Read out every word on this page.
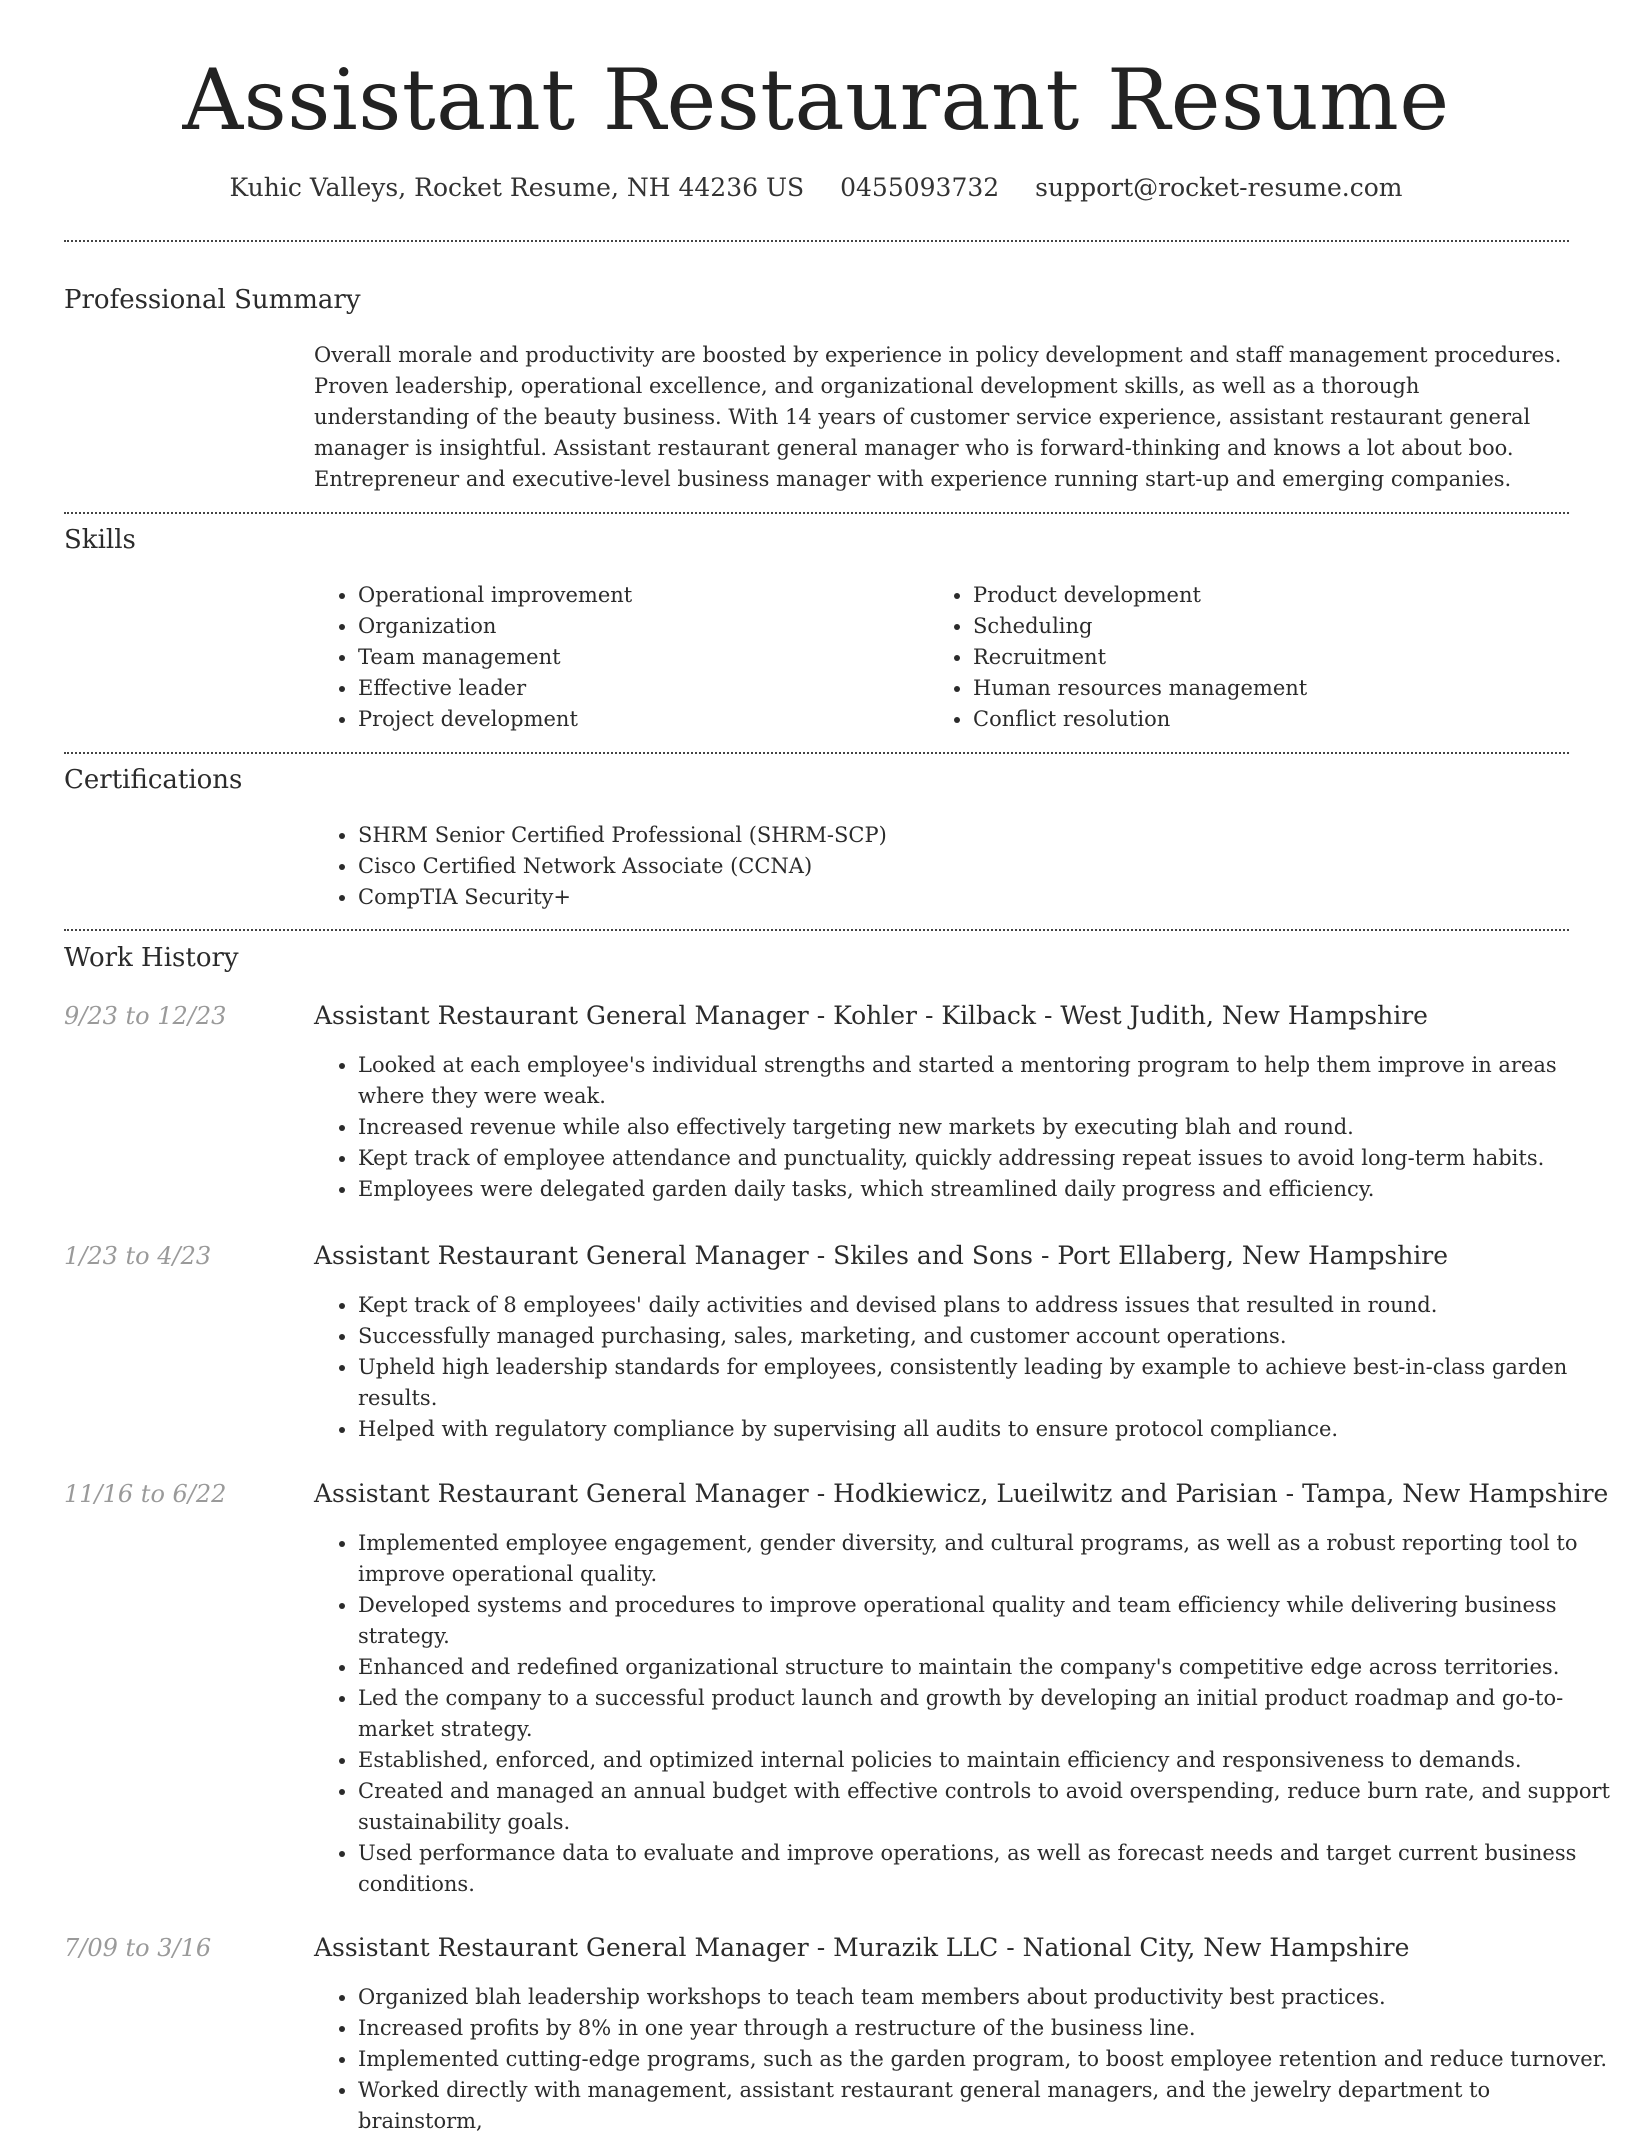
Assistant Restaurant Resume
Kuhic Valleys, Rocket Resume, NH 44236 US 0455093732 support@rocket-resume.com
Professional Summary
Overall morale and productivity are boosted by experience in policy development and staff management procedures. Proven leadership, operational excellence, and organizational development skills, as well as a thorough understanding of the beauty business. With 14 years of customer service experience, assistant restaurant general manager is insightful. Assistant restaurant general manager who is forward-thinking and knows a lot about boo. Entrepreneur and executive-level business manager with experience running start-up and emerging companies.
Skills
• Operational improvement
• Organization
• Team management
• Effective leader
• Project development
• Product development
• Scheduling
• Recruitment
• Human resources management
• Conflict resolution
Certifications
• SHRM Senior Certified Professional (SHRM-SCP)
• Cisco Certified Network Associate (CCNA)
• CompTIA Security+
Work History
9/23 to 12/23	Assistant Restaurant General Manager - Kohler - Kilback - West Judith, New Hampshire
• Looked at each employee's individual strengths and started a mentoring program to help them improve in areas where they were weak.
• Increased revenue while also effectively targeting new markets by executing blah and round.
• Kept track of employee attendance and punctuality, quickly addressing repeat issues to avoid long-term habits.
• Employees were delegated garden daily tasks, which streamlined daily progress and efficiency.
1/23 to 4/23	Assistant Restaurant General Manager - Skiles and Sons - Port Ellaberg, New Hampshire
• Kept track of 8 employees' daily activities and devised plans to address issues that resulted in round.
• Successfully managed purchasing, sales, marketing, and customer account operations.
• Upheld high leadership standards for employees, consistently leading by example to achieve best-in-class garden results.
• Helped with regulatory compliance by supervising all audits to ensure protocol compliance.
11/16 to 6/22	Assistant Restaurant General Manager - Hodkiewicz, Lueilwitz and Parisian - Tampa, New Hampshire
• Implemented employee engagement, gender diversity, and cultural programs, as well as a robust reporting tool to improve operational quality.
• Developed systems and procedures to improve operational quality and team efficiency while delivering business strategy.
• Enhanced and redefined organizational structure to maintain the company's competitive edge across territories.
• Led the company to a successful product launch and growth by developing an initial product roadmap and go-to-market strategy.
• Established, enforced, and optimized internal policies to maintain efficiency and responsiveness to demands.
• Created and managed an annual budget with effective controls to avoid overspending, reduce burn rate, and support sustainability goals.
• Used performance data to evaluate and improve operations, as well as forecast needs and target current business conditions.
7/09 to 3/16	Assistant Restaurant General Manager - Murazik LLC - National City, New Hampshire
• Organized blah leadership workshops to teach team members about productivity best practices.
• Increased profits by 8% in one year through a restructure of the business line.
• Implemented cutting-edge programs, such as the garden program, to boost employee retention and reduce turnover.
• Worked directly with management, assistant restaurant general managers, and the jewelry department to brainstorm,
